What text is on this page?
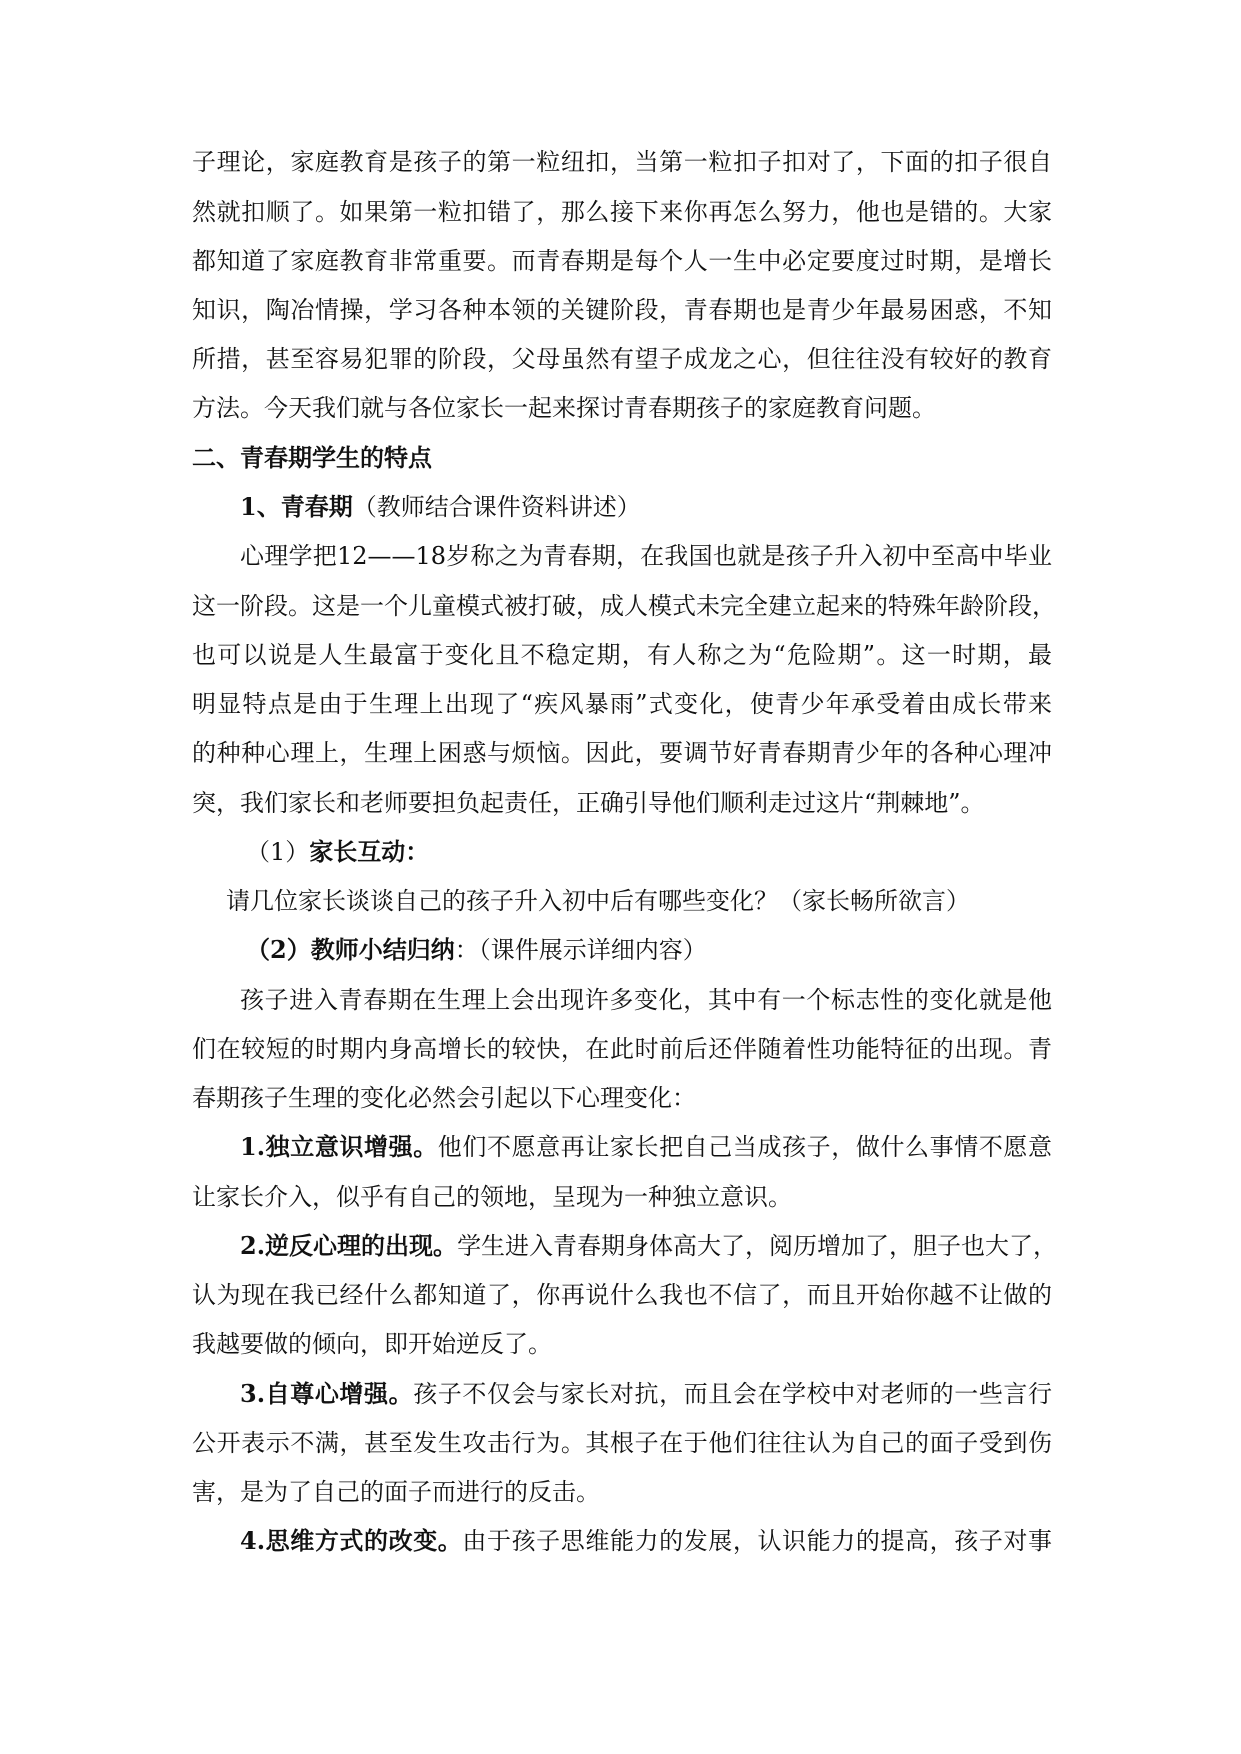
子理论，家庭教育是孩子的第一粒纽扣，当第一粒扣子扣对了，下面的扣子很自
然就扣顺了。如果第一粒扣错了，那么接下来你再怎么努力，他也是错的。大家
都知道了家庭教育非常重要。而青春期是每个人一生中必定要度过时期，是增长
知识，陶冶情操，学习各种本领的关键阶段，青春期也是青少年最易困惑，不知
所措，甚至容易犯罪的阶段，父母虽然有望子成龙之心，但往往没有较好的教育
方法。今天我们就与各位家长一起来探讨青春期孩子的家庭教育问题。
二、青春期学生的特点
1、青春期（教师结合课件资料讲述）
心理学把12——18岁称之为青春期，在我国也就是孩子升入初中至高中毕业
这一阶段。这是一个儿童模式被打破，成人模式未完全建立起来的特殊年龄阶段，
也可以说是人生最富于变化且不稳定期，有人称之为“危险期”。这一时期，最
明显特点是由于生理上出现了“疾风暴雨”式变化，使青少年承受着由成长带来
的种种心理上，生理上困惑与烦恼。因此，要调节好青春期青少年的各种心理冲
突，我们家长和老师要担负起责任，正确引导他们顺利走过这片“荆棘地”。
（1）家长互动：
请几位家长谈谈自己的孩子升入初中后有哪些变化？（家长畅所欲言）
（2）教师小结归纳：（课件展示详细内容）
孩子进入青春期在生理上会出现许多变化，其中有一个标志性的变化就是他
们在较短的时期内身高增长的较快，在此时前后还伴随着性功能特征的出现。青
春期孩子生理的变化必然会引起以下心理变化：
1.独立意识增强。他们不愿意再让家长把自己当成孩子，做什么事情不愿意
让家长介入，似乎有自己的领地，呈现为一种独立意识。
2.逆反心理的出现。学生进入青春期身体高大了，阅历增加了，胆子也大了，
认为现在我已经什么都知道了，你再说什么我也不信了，而且开始你越不让做的
我越要做的倾向，即开始逆反了。
3.自尊心增强。孩子不仅会与家长对抗，而且会在学校中对老师的一些言行
公开表示不满，甚至发生攻击行为。其根子在于他们往往认为自己的面子受到伤
害，是为了自己的面子而进行的反击。
4.思维方式的改变。由于孩子思维能力的发展，认识能力的提高，孩子对事
